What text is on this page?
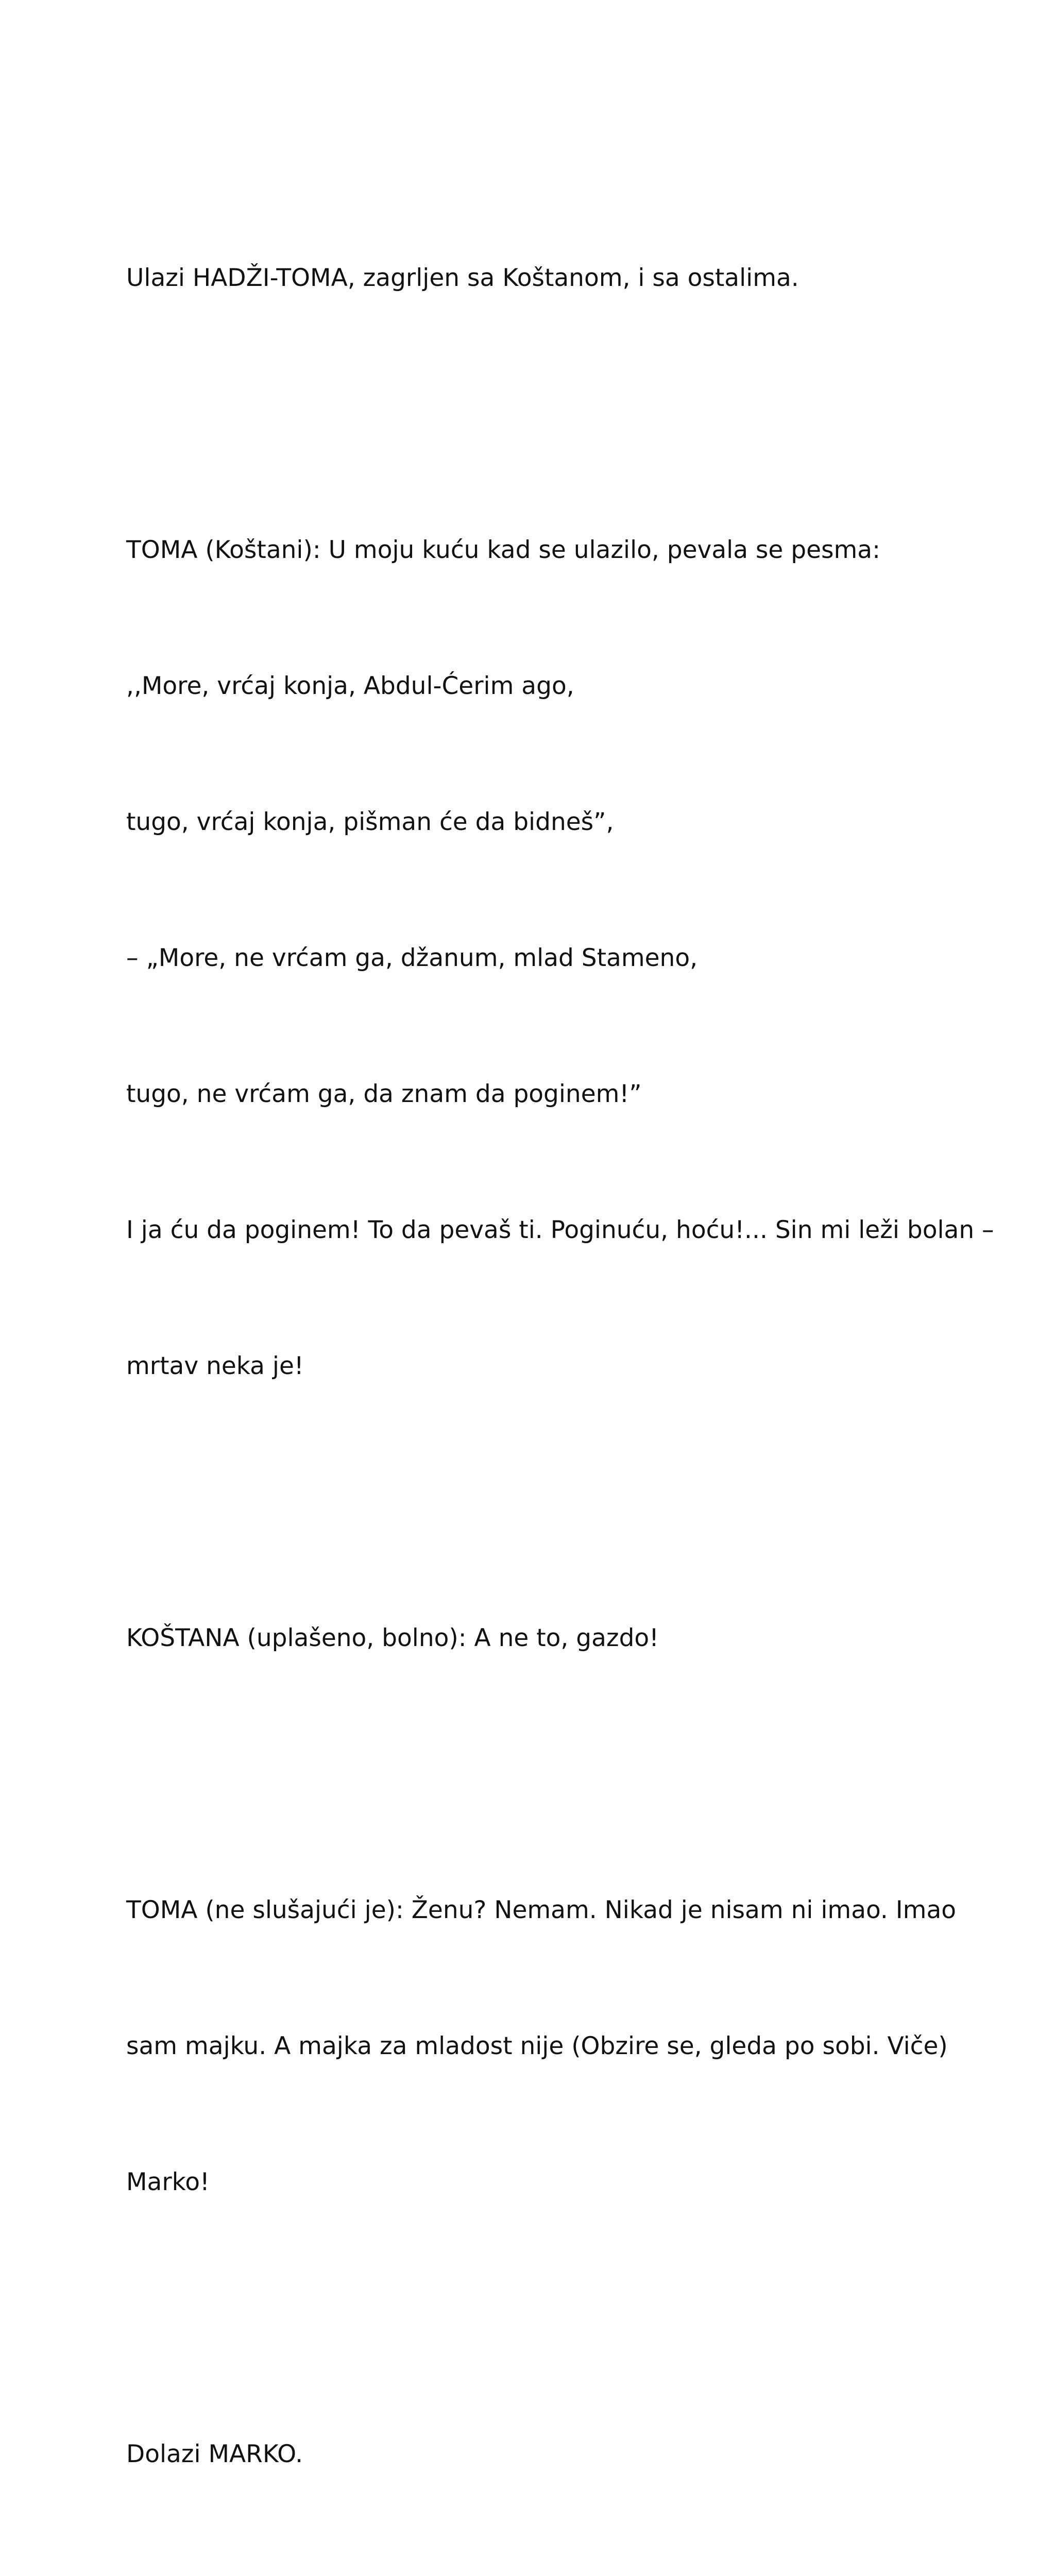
Ulazi HADŽI-TOMA, zagrljen sa Koštanom, i sa ostalima.

TOMA (Koštani): U moju kuću kad se ulazilo, pevala se pesma:

,,More, vrćaj konja, Abdul-Ćerim ago,

tugo, vrćaj konja, pišman će da bidneš”,

– „More, ne vrćam ga, džanum, mlad Stameno,

tugo, ne vrćam ga, da znam da poginem!”

I ja ću da poginem! To da pevaš ti. Poginuću, hoću!... Sin mi leži bolan –

mrtav neka je!

KOŠTANA (uplašeno, bolno): A ne to, gazdo!

TOMA (ne slušajući je): Ženu? Nemam. Nikad je nisam ni imao. Imao

sam majku. A majka za mladost nije (Obzire se, gleda po sobi. Viče)

Marko!

Dolazi MARKO.
